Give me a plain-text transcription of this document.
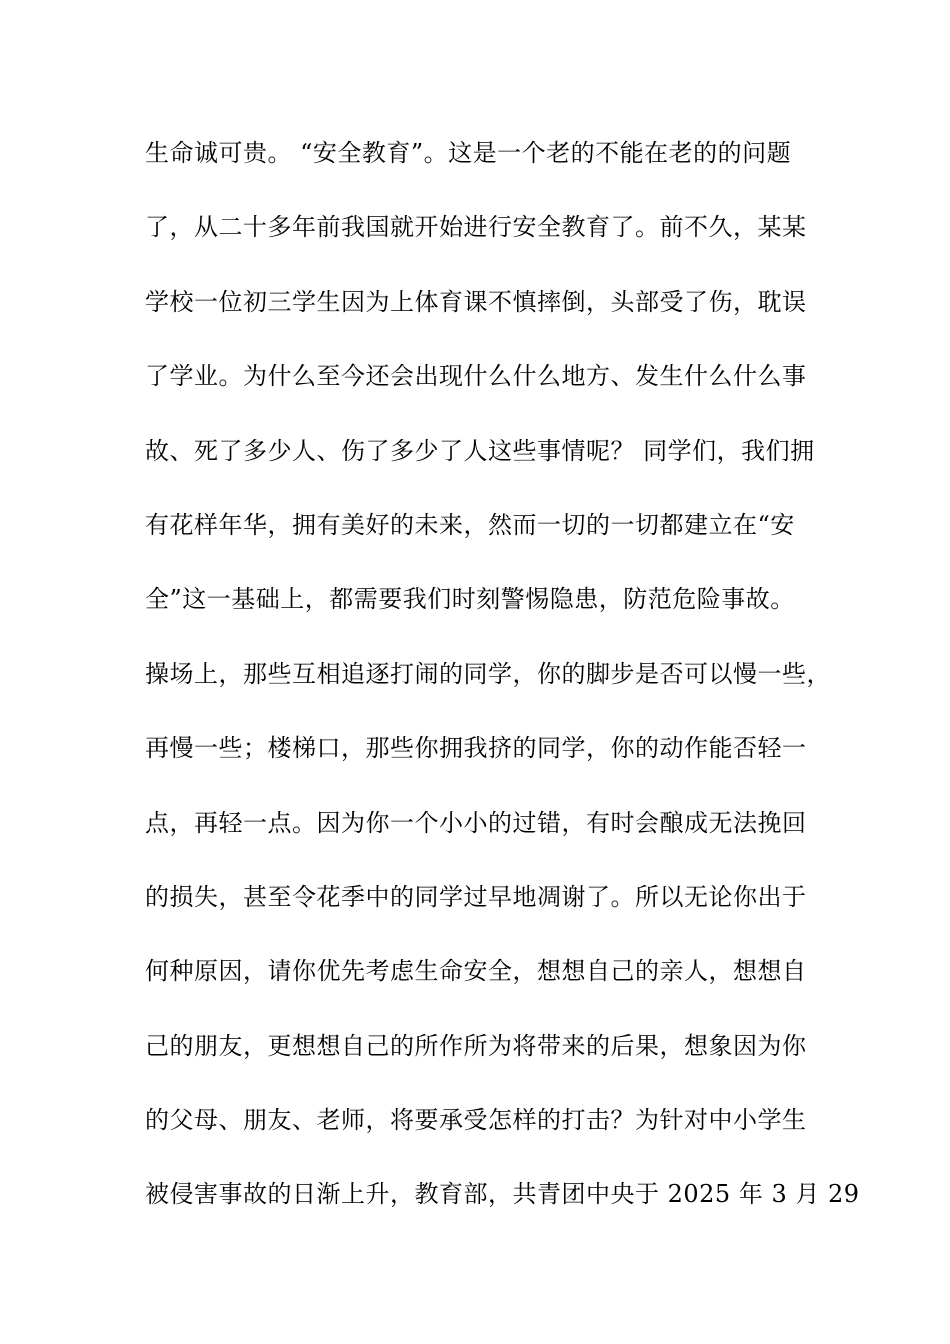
生命诚可贵。 “安全教育”。这是一个老的不能在老的的问题
了，从二十多年前我国就开始进行安全教育了。前不久，某某
学校一位初三学生因为上体育课不慎摔倒，头部受了伤，耽误
了学业。为什么至今还会出现什么什么地方、发生什么什么事
故、死了多少人、伤了多少了人这些事情呢？ 同学们，我们拥
有花样年华，拥有美好的未来，然而一切的一切都建立在“安
全”这一基础上，都需要我们时刻警惕隐患，防范危险事故。
操场上，那些互相追逐打闹的同学，你的脚步是否可以慢一些，
再慢一些；楼梯口，那些你拥我挤的同学，你的动作能否轻一
点，再轻一点。因为你一个小小的过错，有时会酿成无法挽回
的损失，甚至令花季中的同学过早地凋谢了。所以无论你出于
何种原因，请你优先考虑生命安全，想想自己的亲人，想想自
己的朋友，更想想自己的所作所为将带来的后果，想象因为你
的父母、朋友、老师，将要承受怎样的打击？为针对中小学生
被侵害事故的日渐上升，教育部，共青团中央于 2025 年 3 月 29
